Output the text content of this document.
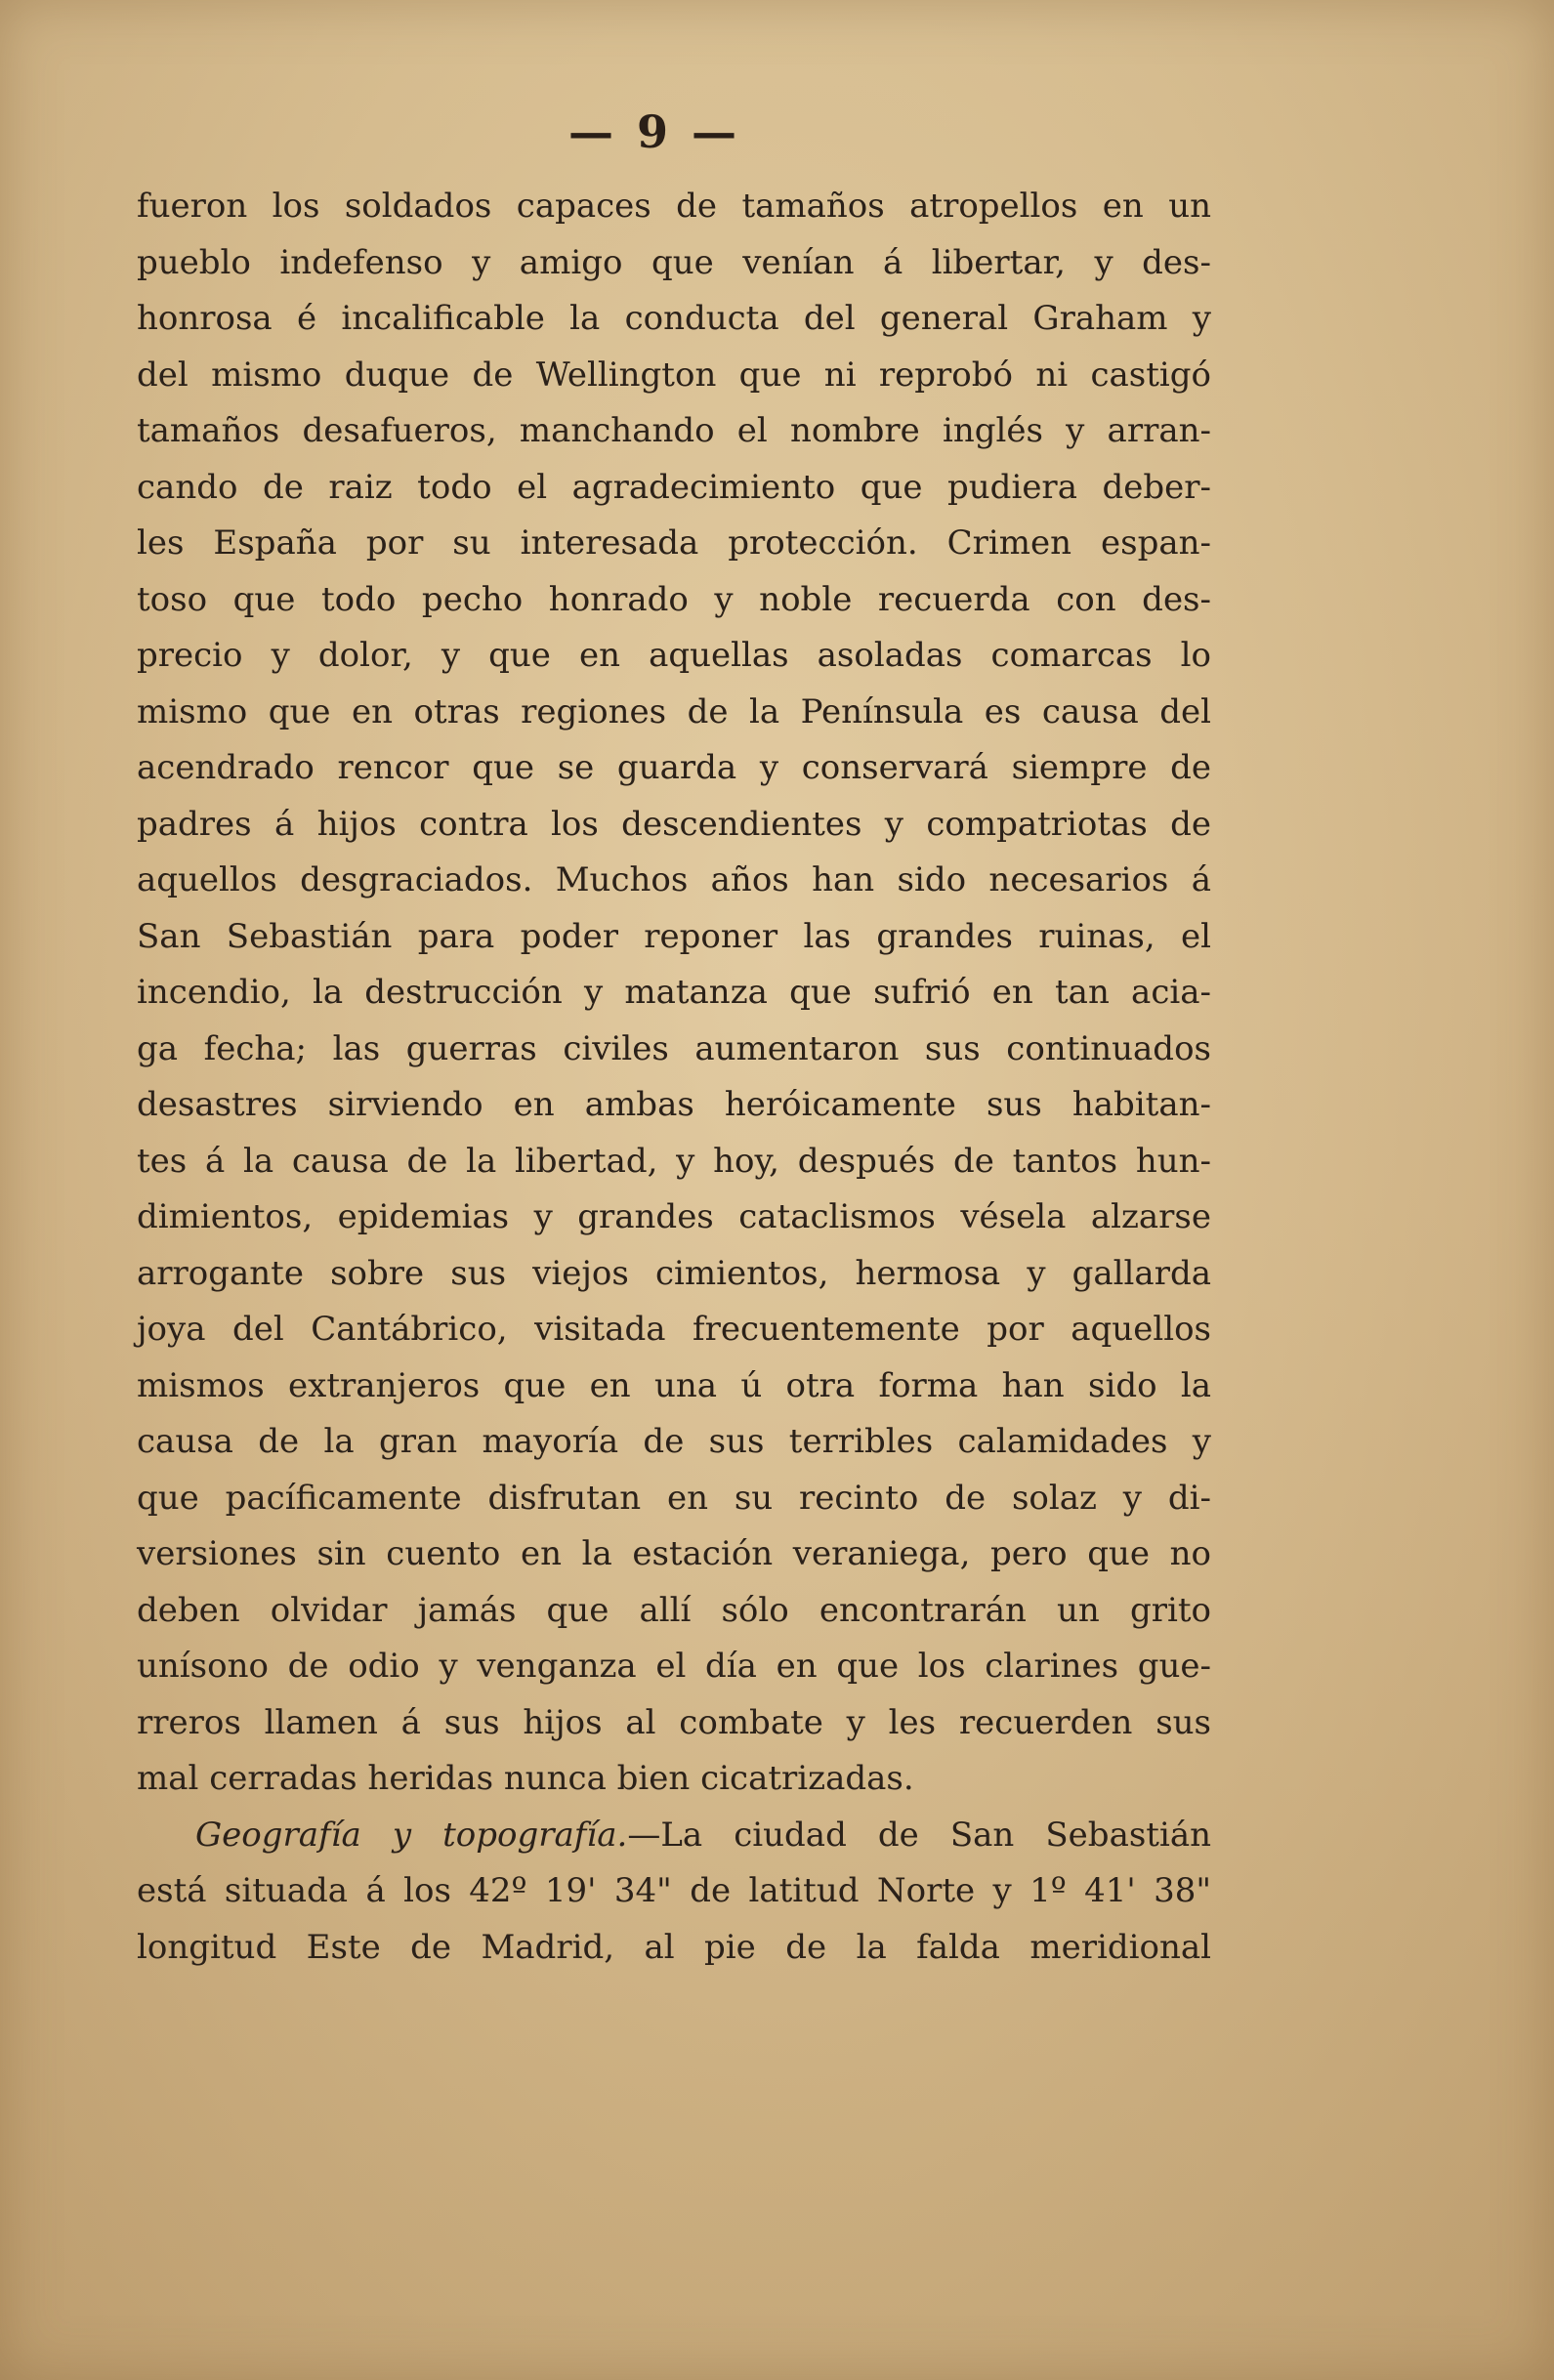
— 9 —
fueron los soldados capaces de tamaños atropellos en un
pueblo indefenso y amigo que venían á libertar, y des-
honrosa é incalificable la conducta del general Graham y
del mismo duque de Wellington que ni reprobó ni castigó
tamaños desafueros, manchando el nombre inglés y arran-
cando de raiz todo el agradecimiento que pudiera deber-
les España por su interesada protección. Crimen espan-
toso que todo pecho honrado y noble recuerda con des-
precio y dolor, y que en aquellas asoladas comarcas lo
mismo que en otras regiones de la Península es causa del
acendrado rencor que se guarda y conservará siempre de
padres á hijos contra los descendientes y compatriotas de
aquellos desgraciados. Muchos años han sido necesarios á
San Sebastián para poder reponer las grandes ruinas, el
incendio, la destrucción y matanza que sufrió en tan acia-
ga fecha; las guerras civiles aumentaron sus continuados
desastres sirviendo en ambas heróicamente sus habitan-
tes á la causa de la libertad, y hoy, después de tantos hun-
dimientos, epidemias y grandes cataclismos vésela alzarse
arrogante sobre sus viejos cimientos, hermosa y gallarda
joya del Cantábrico, visitada frecuentemente por aquellos
mismos extranjeros que en una ú otra forma han sido la
causa de la gran mayoría de sus terribles calamidades y
que pacíficamente disfrutan en su recinto de solaz y di-
versiones sin cuento en la estación veraniega, pero que no
deben olvidar jamás que allí sólo encontrarán un grito
unísono de odio y venganza el día en que los clarines gue-
rreros llamen á sus hijos al combate y les recuerden sus
mal cerradas heridas nunca bien cicatrizadas.
Geografía y topografía.—La ciudad de San Sebastián
está situada á los 42º 19' 34" de latitud Norte y 1º 41' 38"
longitud Este de Madrid, al pie de la falda meridional
